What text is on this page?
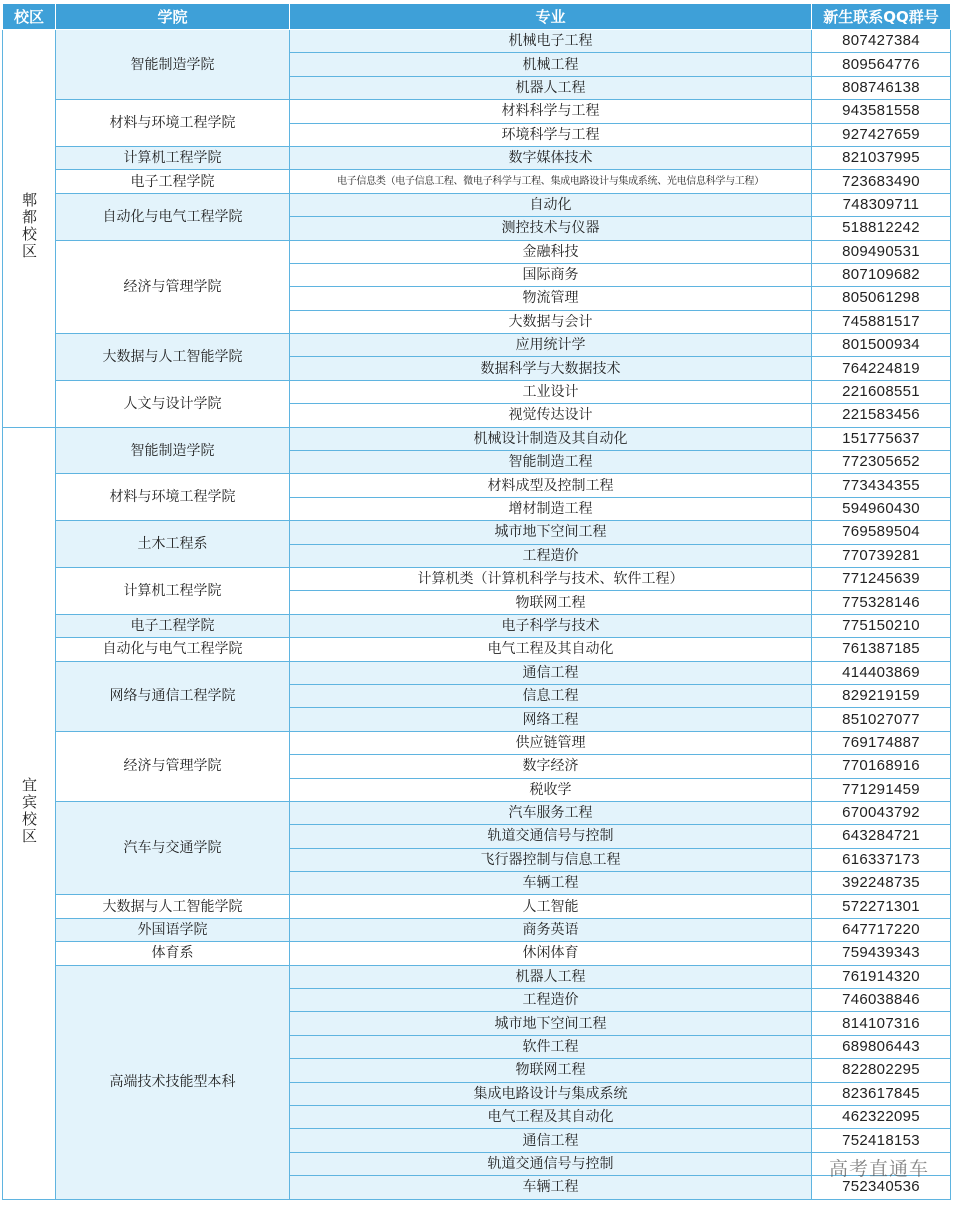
校区	学院	专业	新生联系QQ群号
郫都校区	智能制造学院	机械电子工程	807427384
		机械工程	809564776
		机器人工程	808746138
	材料与环境工程学院	材料科学与工程	943581558
		环境科学与工程	927427659
	计算机工程学院	数字媒体技术	821037995
	电子工程学院	电子信息类（电子信息工程、微电子科学与工程、集成电路设计与集成系统、光电信息科学与工程）	723683490
	自动化与电气工程学院	自动化	748309711
		测控技术与仪器	518812242
	经济与管理学院	金融科技	809490531
		国际商务	807109682
		物流管理	805061298
		大数据与会计	745881517
	大数据与人工智能学院	应用统计学	801500934
		数据科学与大数据技术	764224819
	人文与设计学院	工业设计	221608551
		视觉传达设计	221583456
宜宾校区	智能制造学院	机械设计制造及其自动化	151775637
		智能制造工程	772305652
	材料与环境工程学院	材料成型及控制工程	773434355
		增材制造工程	594960430
	土木工程系	城市地下空间工程	769589504
		工程造价	770739281
	计算机工程学院	计算机类（计算机科学与技术、软件工程）	771245639
		物联网工程	775328146
	电子工程学院	电子科学与技术	775150210
	自动化与电气工程学院	电气工程及其自动化	761387185
	网络与通信工程学院	通信工程	414403869
		信息工程	829219159
		网络工程	851027077
	经济与管理学院	供应链管理	769174887
		数字经济	770168916
		税收学	771291459
	汽车与交通学院	汽车服务工程	670043792
		轨道交通信号与控制	643284721
		飞行器控制与信息工程	616337173
		车辆工程	392248735
	大数据与人工智能学院	人工智能	572271301
	外国语学院	商务英语	647717220
	体育系	休闲体育	759439343
	高端技术技能型本科	机器人工程	761914320
		工程造价	746038846
		城市地下空间工程	814107316
		软件工程	689806443
		物联网工程	822802295
		集成电路设计与集成系统	823617845
		电气工程及其自动化	462322095
		通信工程	752418153
		轨道交通信号与控制	
		车辆工程	752340536
高考直通车
